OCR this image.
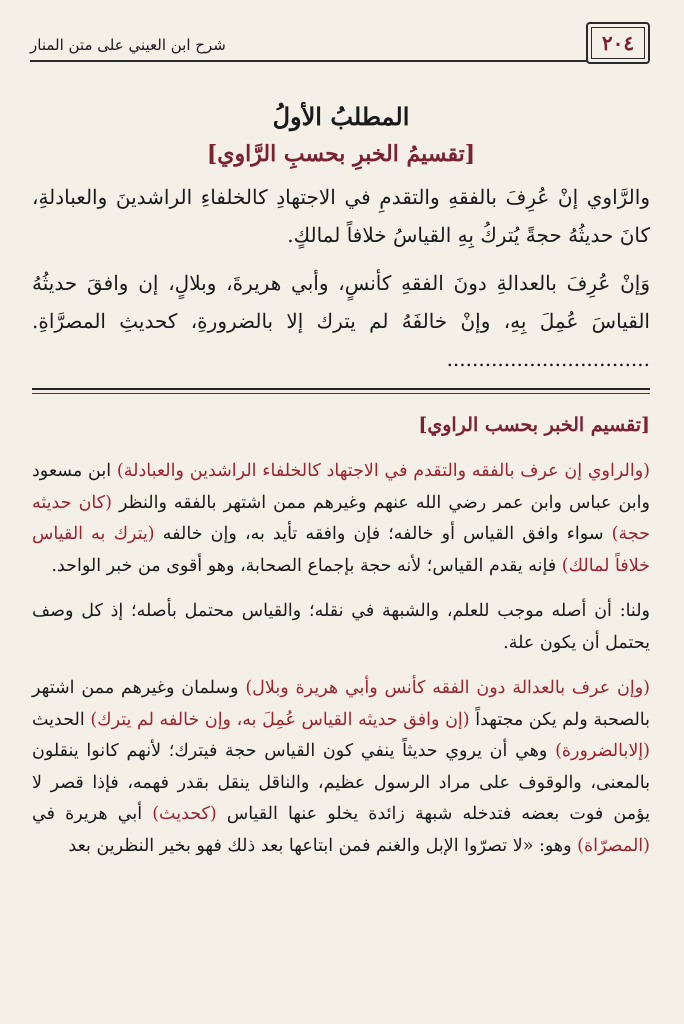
٢٠٤
شرح ابن العيني على متن المنار
المطلبُ الأولُ
[تقسيمُ الخبرِ بحسبِ الرَّاوي]

والرَّاوي إنْ عُرِفَ بالفقهِ والتقدمِ في الاجتهادِ كالخلفاءِ الراشدينَ والعبادلةِ، كانَ حديثُهُ حجةً يُتركُ بِهِ القياسُ خلافاً لمالكٍ.

وَإنْ عُرِفَ بالعدالةِ دونَ الفقهِ كأنسٍ، وأبي هريرةَ، وبلالٍ، إن وافقَ حديثُهُ القياسَ عُمِلَ بِهِ، وإنْ خالفَهُ لم يترك إلا بالضرورةِ، كحديثِ المصرَّاةِ. ................................

[تقسيم الخبر بحسب الراوي]

(والراوي إن عرف بالفقه والتقدم في الاجتهاد كالخلفاء الراشدين والعبادلة) ابن مسعود وابن عباس وابن عمر رضي الله عنهم وغيرهم ممن اشتهر بالفقه والنظر (كان حديثه حجة) سواء وافق القياس أو خالفه؛ فإن وافقه تأيد به، وإن خالفه (يترك به القياس خلافاً لمالك) فإنه يقدم القياس؛ لأنه حجة بإجماع الصحابة، وهو أقوى من خبر الواحد.

ولنا: أن أصله موجب للعلم، والشبهة في نقله؛ والقياس محتمل بأصله؛ إذ كل وصف يحتمل أن يكون علة.

(وإن عرف بالعدالة دون الفقه كأنس وأبي هريرة وبلال) وسلمان وغيرهم ممن اشتهر بالصحبة ولم يكن مجتهداً (إن وافق حديثه القياس عُمِلَ به، وإن خالفه لم يترك) الحديث (إلابالضرورة) وهي أن يروي حديثاً ينفي كون القياس حجة فيترك؛ لأنهم كانوا ينقلون بالمعنى، والوقوف على مراد الرسول عظيم، والناقل ينقل بقدر فهمه، فإذا قصر لا يؤمن فوت بعضه فتدخله شبهة زائدة يخلو عنها القياس (كحديث) أبي هريرة في (المصرّاة) وهو: «لا تصرّوا الإبل والغنم فمن ابتاعها بعد ذلك فهو بخير النظرين بعد
